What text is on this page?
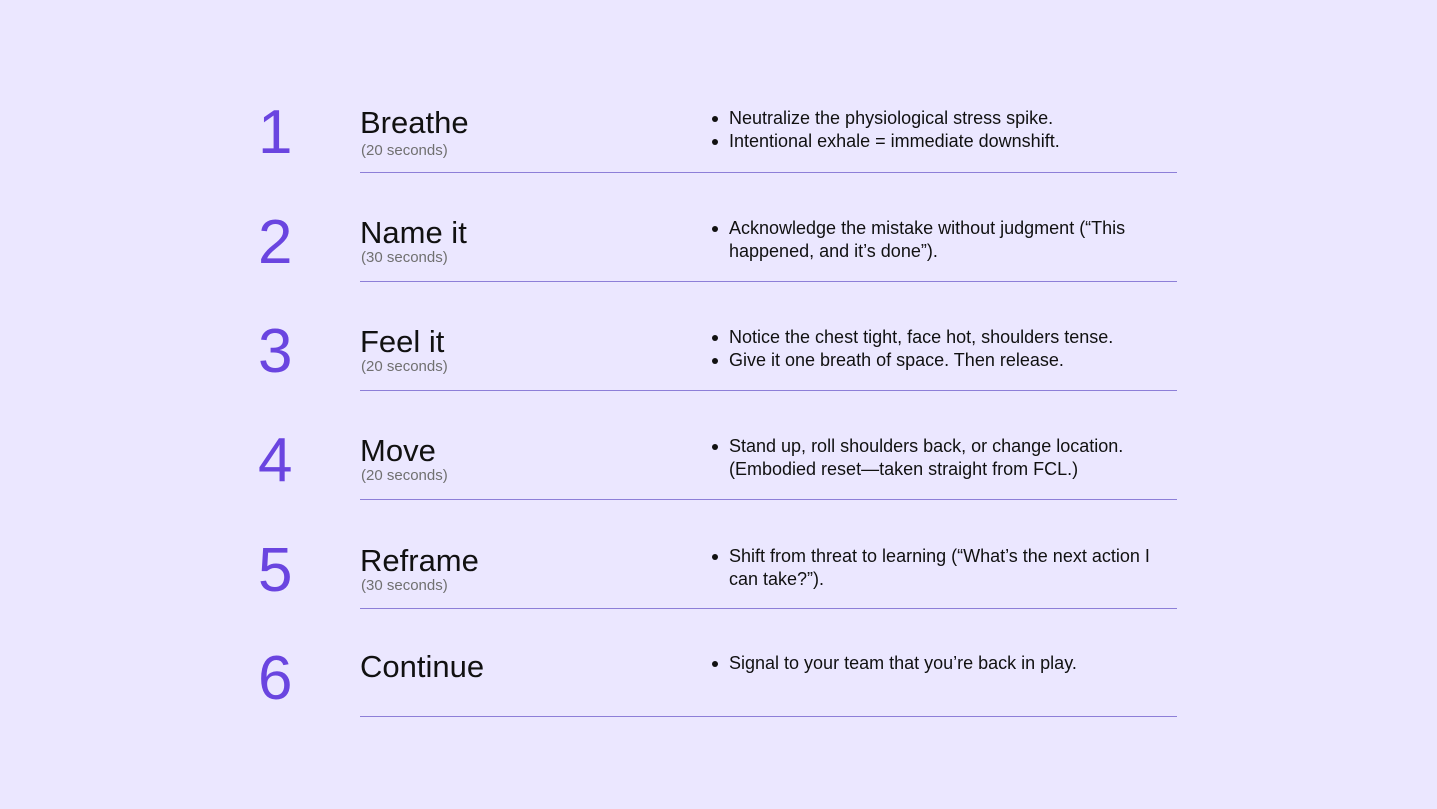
1 Breathe
(20 seconds)
Neutralize the physiological stress spike.
Intentional exhale = immediate downshift.
2 Name it
(30 seconds)
Acknowledge the mistake without judgment (“This happened, and it’s done”).
3 Feel it
(20 seconds)
Notice the chest tight, face hot, shoulders tense.
Give it one breath of space. Then release.
4 Move
(20 seconds)
Stand up, roll shoulders back, or change location. (Embodied reset—taken straight from FCL.)
5 Reframe
(30 seconds)
Shift from threat to learning (“What’s the next action I can take?”).
6 Continue	Signal to your team that you’re back in play.
